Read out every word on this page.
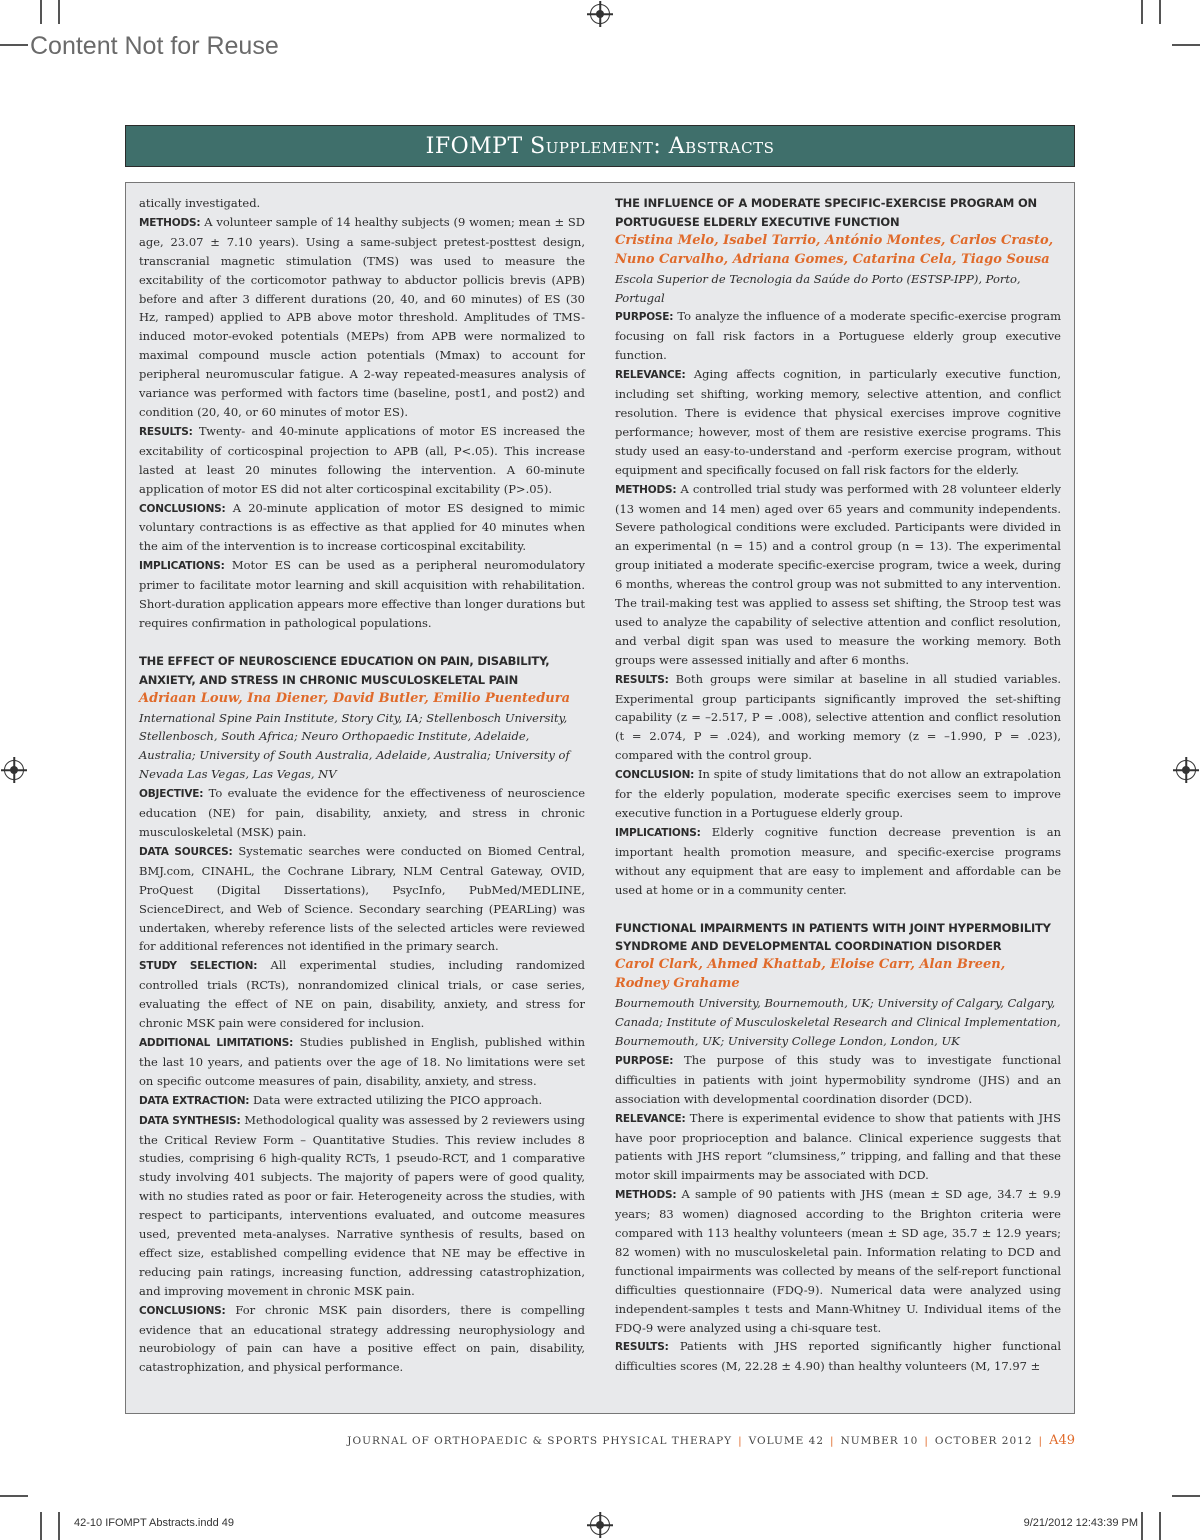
Content Not for Reuse
IFOMPT Supplement: Abstracts

atically investigated.

METHODS: A volunteer sample of 14 healthy subjects (9 women; mean ± SD age, 23.07 ± 7.10 years). Using a same-subject pretest-posttest design, transcranial magnetic stimulation (TMS) was used to measure the excitability of the corticomotor pathway to abductor pollicis brevis (APB) before and after 3 different durations (20, 40, and 60 minutes) of ES (30 Hz, ramped) applied to APB above motor threshold. Amplitudes of TMS-induced motor-evoked potentials (MEPs) from APB were normalized to maximal compound muscle action potentials (Mmax) to account for peripheral neuromuscular fatigue. A 2-way repeated-measures analysis of variance was performed with factors time (baseline, post1, and post2) and condition (20, 40, or 60 minutes of motor ES).

RESULTS: Twenty- and 40-minute applications of motor ES increased the excitability of corticospinal projection to APB (all, P<.05). This increase lasted at least 20 minutes following the intervention. A 60-minute application of motor ES did not alter corticospinal excitability (P>.05).

CONCLUSIONS: A 20-minute application of motor ES designed to mimic voluntary contractions is as effective as that applied for 40 minutes when the aim of the intervention is to increase corticospinal excitability.

IMPLICATIONS: Motor ES can be used as a peripheral neuromodulatory primer to facilitate motor learning and skill acquisition with rehabilitation. Short-duration application appears more effective than longer durations but requires confirmation in pathological populations.

THE EFFECT OF NEUROSCIENCE EDUCATION ON PAIN, DISABILITY, ANXIETY, AND STRESS IN CHRONIC MUSCULOSKELETAL PAIN

Adriaan Louw, Ina Diener, David Butler, Emilio Puentedura

International Spine Pain Institute, Story City, IA; Stellenbosch University, Stellenbosch, South Africa; Neuro Orthopaedic Institute, Adelaide, Australia; University of South Australia, Adelaide, Australia; University of Nevada Las Vegas, Las Vegas, NV

OBJECTIVE: To evaluate the evidence for the effectiveness of neuroscience education (NE) for pain, disability, anxiety, and stress in chronic musculoskeletal (MSK) pain.

DATA SOURCES: Systematic searches were conducted on Biomed Central, BMJ.com, CINAHL, the Cochrane Library, NLM Central Gateway, OVID, ProQuest (Digital Dissertations), PsycInfo, PubMed/MEDLINE, ScienceDirect, and Web of Science. Secondary searching (PEARLing) was undertaken, whereby reference lists of the selected articles were reviewed for additional references not identified in the primary search.

STUDY SELECTION: All experimental studies, including randomized controlled trials (RCTs), nonrandomized clinical trials, or case series, evaluating the effect of NE on pain, disability, anxiety, and stress for chronic MSK pain were considered for inclusion.

ADDITIONAL LIMITATIONS: Studies published in English, published within the last 10 years, and patients over the age of 18. No limitations were set on specific outcome measures of pain, disability, anxiety, and stress.

DATA EXTRACTION: Data were extracted utilizing the PICO approach.

DATA SYNTHESIS: Methodological quality was assessed by 2 reviewers using the Critical Review Form – Quantitative Studies. This review includes 8 studies, comprising 6 high-quality RCTs, 1 pseudo-RCT, and 1 comparative study involving 401 subjects. The majority of papers were of good quality, with no studies rated as poor or fair. Heterogeneity across the studies, with respect to participants, interventions evaluated, and outcome measures used, prevented meta-analyses. Narrative synthesis of results, based on effect size, established compelling evidence that NE may be effective in reducing pain ratings, increasing function, addressing catastrophization, and improving movement in chronic MSK pain.

CONCLUSIONS: For chronic MSK pain disorders, there is compelling evidence that an educational strategy addressing neurophysiology and neurobiology of pain can have a positive effect on pain, disability, catastrophization, and physical performance.

THE INFLUENCE OF A MODERATE SPECIFIC-EXERCISE PROGRAM ON PORTUGUESE ELDERLY EXECUTIVE FUNCTION

Cristina Melo, Isabel Tarrio, António Montes, Carlos Crasto, Nuno Carvalho, Adriana Gomes, Catarina Cela, Tiago Sousa

Escola Superior de Tecnologia da Saúde do Porto (ESTSP-IPP), Porto, Portugal

PURPOSE: To analyze the influence of a moderate specific-exercise program focusing on fall risk factors in a Portuguese elderly group executive function.

RELEVANCE: Aging affects cognition, in particularly executive function, including set shifting, working memory, selective attention, and conflict resolution. There is evidence that physical exercises improve cognitive performance; however, most of them are resistive exercise programs. This study used an easy-to-understand and -perform exercise program, without equipment and specifically focused on fall risk factors for the elderly.

METHODS: A controlled trial study was performed with 28 volunteer elderly (13 women and 14 men) aged over 65 years and community independents. Severe pathological conditions were excluded. Participants were divided in an experimental (n = 15) and a control group (n = 13). The experimental group initiated a moderate specific-exercise program, twice a week, during 6 months, whereas the control group was not submitted to any intervention. The trail-making test was applied to assess set shifting, the Stroop test was used to analyze the capability of selective attention and conflict resolution, and verbal digit span was used to measure the working memory. Both groups were assessed initially and after 6 months.

RESULTS: Both groups were similar at baseline in all studied variables. Experimental group participants significantly improved the set-shifting capability (z = –2.517, P = .008), selective attention and conflict resolution (t = 2.074, P = .024), and working memory (z = –1.990, P = .023), compared with the control group.

CONCLUSION: In spite of study limitations that do not allow an extrapolation for the elderly population, moderate specific exercises seem to improve executive function in a Portuguese elderly group.

IMPLICATIONS: Elderly cognitive function decrease prevention is an important health promotion measure, and specific-exercise programs without any equipment that are easy to implement and affordable can be used at home or in a community center.

FUNCTIONAL IMPAIRMENTS IN PATIENTS WITH JOINT HYPERMOBILITY SYNDROME AND DEVELOPMENTAL COORDINATION DISORDER

Carol Clark, Ahmed Khattab, Eloise Carr, Alan Breen, Rodney Grahame

Bournemouth University, Bournemouth, UK; University of Calgary, Calgary, Canada; Institute of Musculoskeletal Research and Clinical Implementation, Bournemouth, UK; University College London, London, UK

PURPOSE: The purpose of this study was to investigate functional difficulties in patients with joint hypermobility syndrome (JHS) and an association with developmental coordination disorder (DCD).

RELEVANCE: There is experimental evidence to show that patients with JHS have poor proprioception and balance. Clinical experience suggests that patients with JHS report “clumsiness,” tripping, and falling and that these motor skill impairments may be associated with DCD.

METHODS: A sample of 90 patients with JHS (mean ± SD age, 34.7 ± 9.9 years; 83 women) diagnosed according to the Brighton criteria were compared with 113 healthy volunteers (mean ± SD age, 35.7 ± 12.9 years; 82 women) with no musculoskeletal pain. Information relating to DCD and functional impairments was collected by means of the self-report functional difficulties questionnaire (FDQ-9). Numerical data were analyzed using independent-samples t tests and Mann-Whitney U. Individual items of the FDQ-9 were analyzed using a chi-square test.

RESULTS: Patients with JHS reported significantly higher functional difficulties scores (M, 22.28 ± 4.90) than healthy volunteers (M, 17.97 ±

JOURNAL OF ORTHOPAEDIC & SPORTS PHYSICAL THERAPY | VOLUME 42 | NUMBER 10 | OCTOBER 2012 | A49
42-10 IFOMPT Abstracts.indd 49	9/21/2012 12:43:39 PM
